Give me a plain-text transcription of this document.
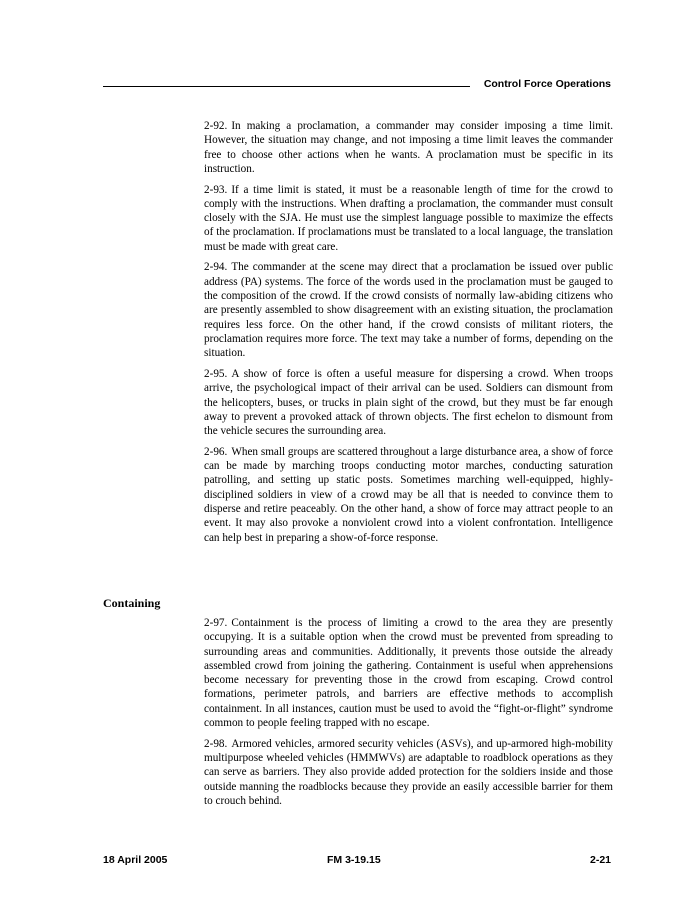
Control Force Operations

2-92. In making a proclamation, a commander may consider imposing a time limit. However, the situation may change, and not imposing a time limit leaves the commander free to choose other actions when he wants. A proclamation must be specific in its instruction.

2-93. If a time limit is stated, it must be a reasonable length of time for the crowd to comply with the instructions. When drafting a proclamation, the commander must consult closely with the SJA. He must use the simplest language possible to maximize the effects of the proclamation. If proclamations must be translated to a local language, the translation must be made with great care.

2-94. The commander at the scene may direct that a proclamation be issued over public address (PA) systems. The force of the words used in the proclamation must be gauged to the composition of the crowd. If the crowd consists of normally law-abiding citizens who are presently assembled to show disagreement with an existing situation, the proclamation requires less force. On the other hand, if the crowd consists of militant rioters, the proclamation requires more force. The text may take a number of forms, depending on the situation.

2-95. A show of force is often a useful measure for dispersing a crowd. When troops arrive, the psychological impact of their arrival can be used. Soldiers can dismount from the helicopters, buses, or trucks in plain sight of the crowd, but they must be far enough away to prevent a provoked attack of thrown objects. The first echelon to dismount from the vehicle secures the surrounding area.

2-96. When small groups are scattered throughout a large disturbance area, a show of force can be made by marching troops conducting motor marches, conducting saturation patrolling, and setting up static posts. Sometimes marching well-equipped, highly-disciplined soldiers in view of a crowd may be all that is needed to convince them to disperse and retire peaceably. On the other hand, a show of force may attract people to an event. It may also provoke a nonviolent crowd into a violent confrontation. Intelligence can help best in preparing a show-of-force response.

Containing

2-97. Containment is the process of limiting a crowd to the area they are presently occupying. It is a suitable option when the crowd must be prevented from spreading to surrounding areas and communities. Additionally, it prevents those outside the already assembled crowd from joining the gathering. Containment is useful when apprehensions become necessary for preventing those in the crowd from escaping. Crowd control formations, perimeter patrols, and barriers are effective methods to accomplish containment. In all instances, caution must be used to avoid the “fight-or-flight” syndrome common to people feeling trapped with no escape.

2-98. Armored vehicles, armored security vehicles (ASVs), and up-armored high-mobility multipurpose wheeled vehicles (HMMWVs) are adaptable to roadblock operations as they can serve as barriers. They also provide added protection for the soldiers inside and those outside manning the roadblocks because they provide an easily accessible barrier for them to crouch behind.

18 April 2005	FM 3-19.15	2-21
